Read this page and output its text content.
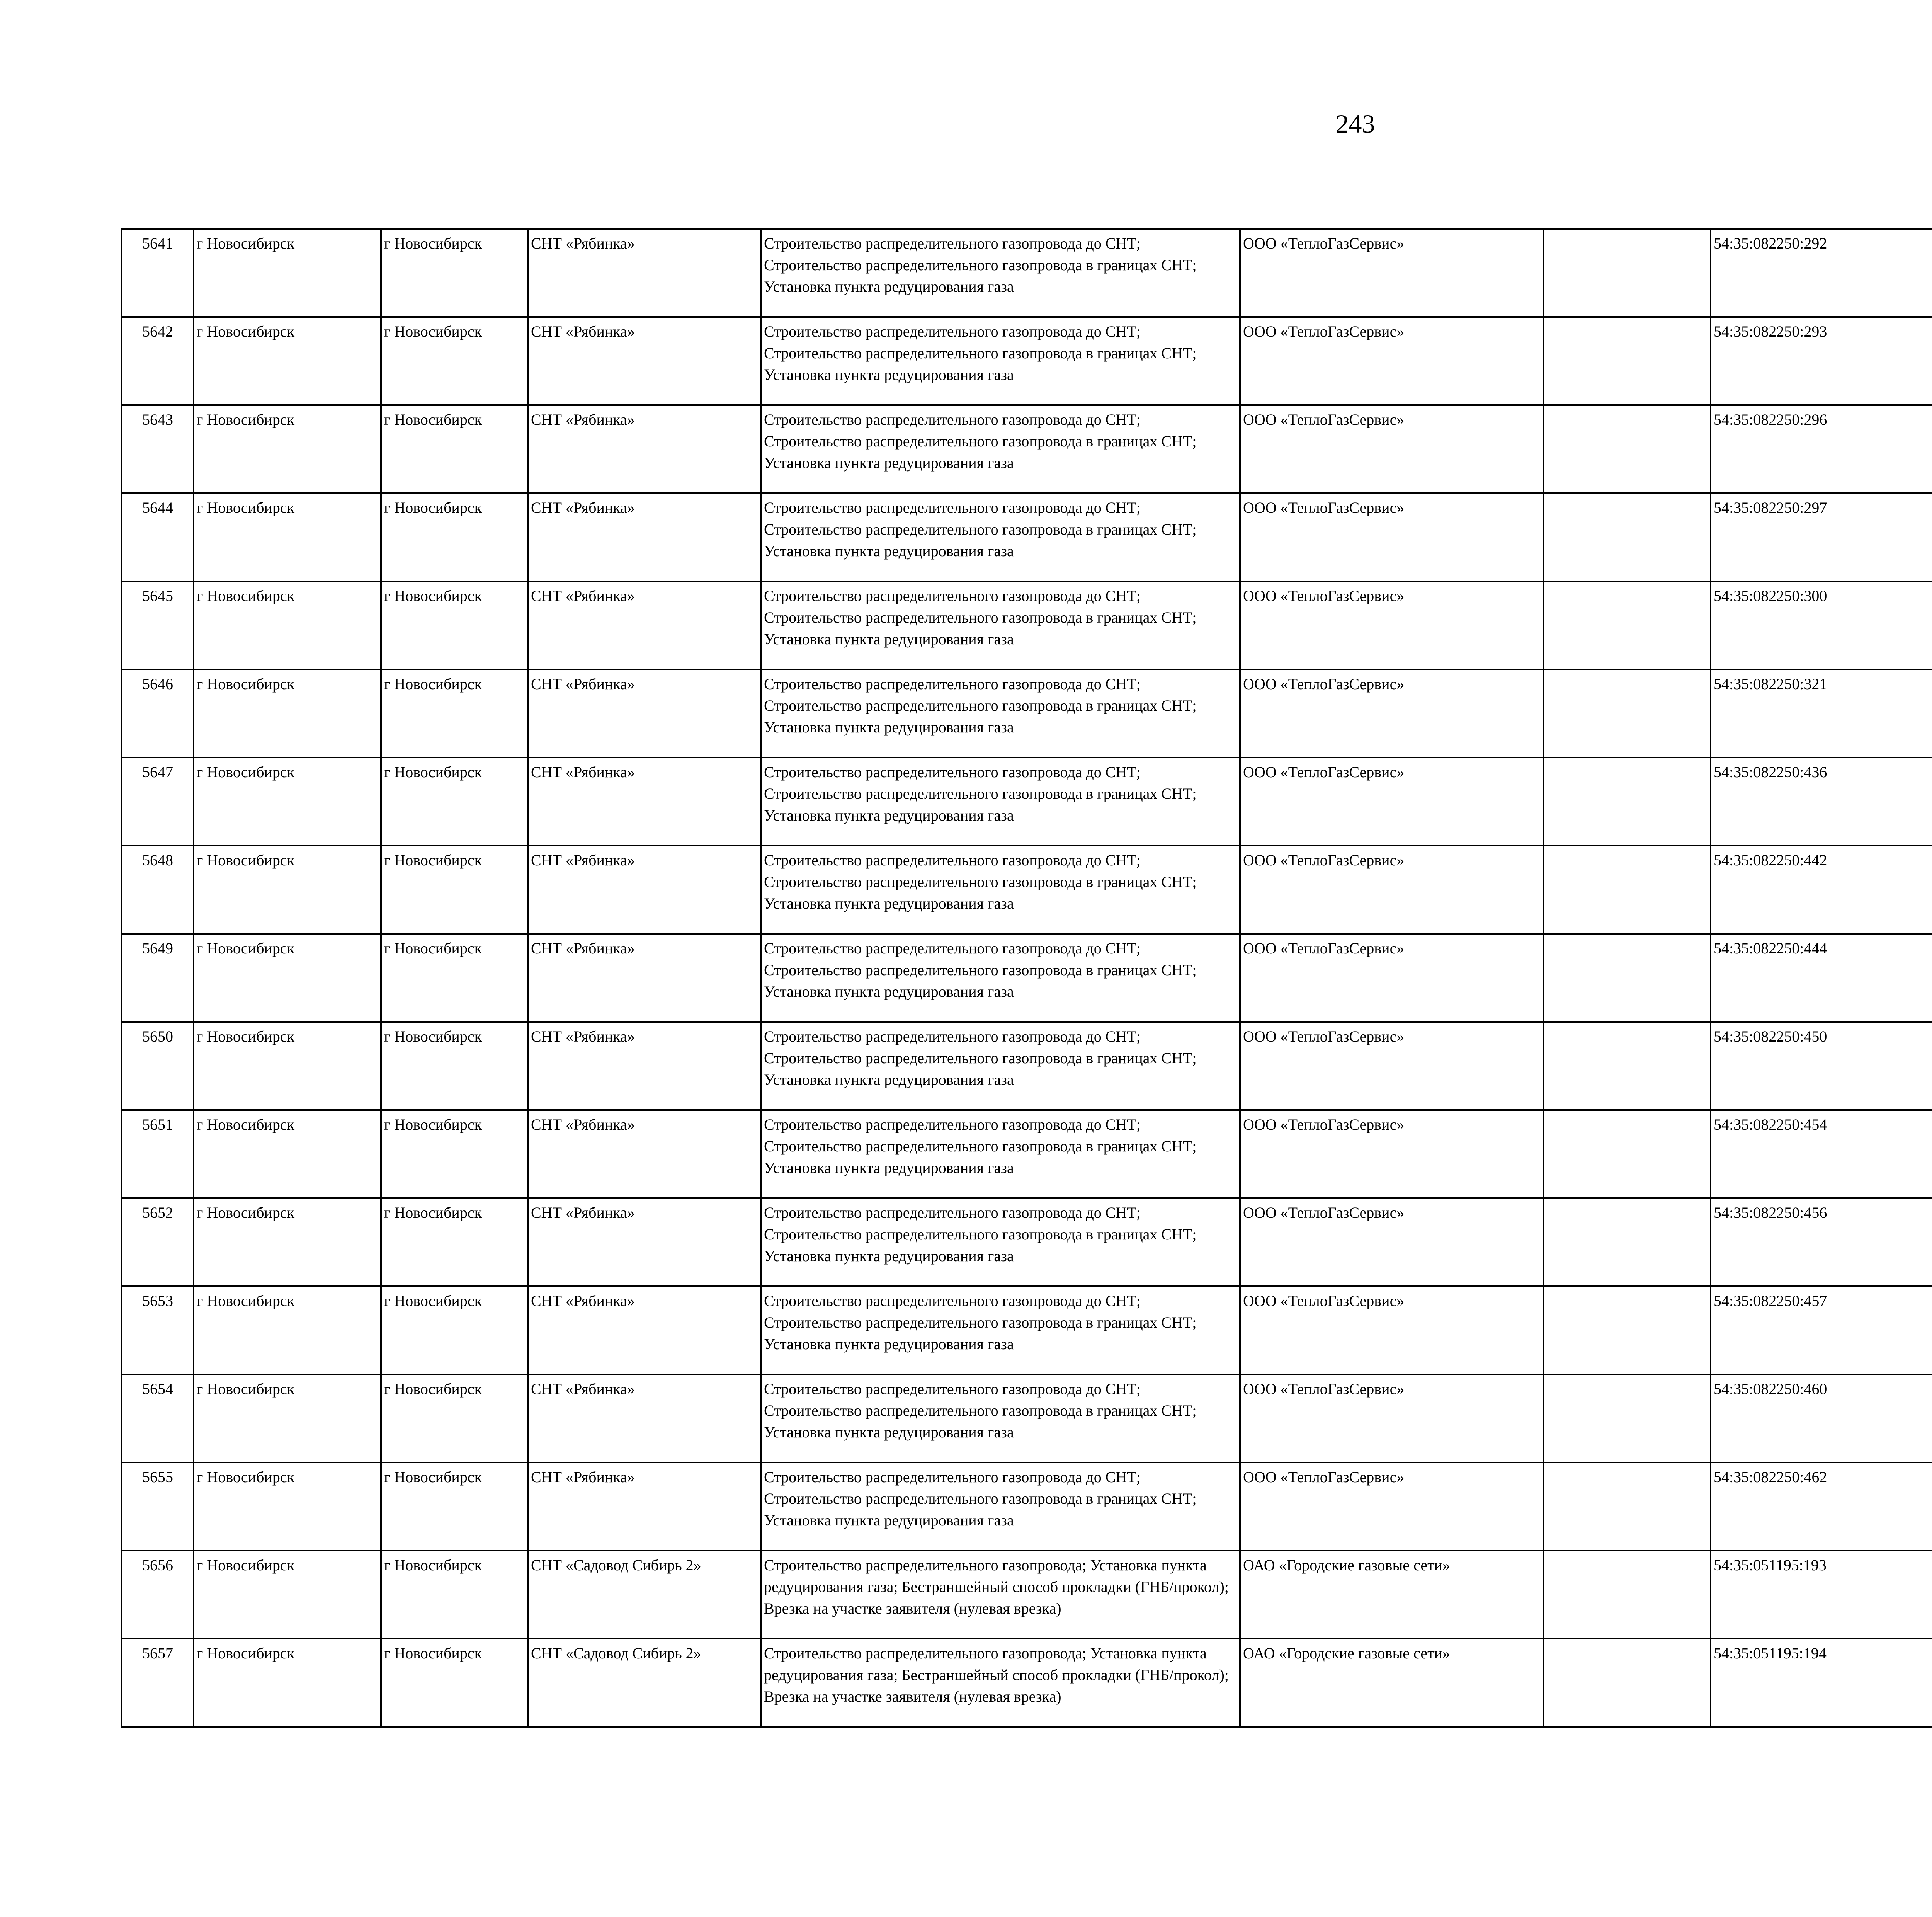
243
5641	г Новосибирск	г Новосибирск	СНТ «Рябинка»	Строительство распределительного газопровода до СНТ; Строительство распределительного газопровода в границах СНТ; Установка пункта редуцирования газа	ООО «ТеплоГазСервис»		54:35:082250:292					
5642	г Новосибирск	г Новосибирск	СНТ «Рябинка»	Строительство распределительного газопровода до СНТ; Строительство распределительного газопровода в границах СНТ; Установка пункта редуцирования газа	ООО «ТеплоГазСервис»		54:35:082250:293					
5643	г Новосибирск	г Новосибирск	СНТ «Рябинка»	Строительство распределительного газопровода до СНТ; Строительство распределительного газопровода в границах СНТ; Установка пункта редуцирования газа	ООО «ТеплоГазСервис»		54:35:082250:296					
5644	г Новосибирск	г Новосибирск	СНТ «Рябинка»	Строительство распределительного газопровода до СНТ; Строительство распределительного газопровода в границах СНТ; Установка пункта редуцирования газа	ООО «ТеплоГазСервис»		54:35:082250:297					
5645	г Новосибирск	г Новосибирск	СНТ «Рябинка»	Строительство распределительного газопровода до СНТ; Строительство распределительного газопровода в границах СНТ; Установка пункта редуцирования газа	ООО «ТеплоГазСервис»		54:35:082250:300					
5646	г Новосибирск	г Новосибирск	СНТ «Рябинка»	Строительство распределительного газопровода до СНТ; Строительство распределительного газопровода в границах СНТ; Установка пункта редуцирования газа	ООО «ТеплоГазСервис»		54:35:082250:321					
5647	г Новосибирск	г Новосибирск	СНТ «Рябинка»	Строительство распределительного газопровода до СНТ; Строительство распределительного газопровода в границах СНТ; Установка пункта редуцирования газа	ООО «ТеплоГазСервис»		54:35:082250:436					
5648	г Новосибирск	г Новосибирск	СНТ «Рябинка»	Строительство распределительного газопровода до СНТ; Строительство распределительного газопровода в границах СНТ; Установка пункта редуцирования газа	ООО «ТеплоГазСервис»		54:35:082250:442					
5649	г Новосибирск	г Новосибирск	СНТ «Рябинка»	Строительство распределительного газопровода до СНТ; Строительство распределительного газопровода в границах СНТ; Установка пункта редуцирования газа	ООО «ТеплоГазСервис»		54:35:082250:444					
5650	г Новосибирск	г Новосибирск	СНТ «Рябинка»	Строительство распределительного газопровода до СНТ; Строительство распределительного газопровода в границах СНТ; Установка пункта редуцирования газа	ООО «ТеплоГазСервис»		54:35:082250:450					
5651	г Новосибирск	г Новосибирск	СНТ «Рябинка»	Строительство распределительного газопровода до СНТ; Строительство распределительного газопровода в границах СНТ; Установка пункта редуцирования газа	ООО «ТеплоГазСервис»		54:35:082250:454					
5652	г Новосибирск	г Новосибирск	СНТ «Рябинка»	Строительство распределительного газопровода до СНТ; Строительство распределительного газопровода в границах СНТ; Установка пункта редуцирования газа	ООО «ТеплоГазСервис»		54:35:082250:456					
5653	г Новосибирск	г Новосибирск	СНТ «Рябинка»	Строительство распределительного газопровода до СНТ; Строительство распределительного газопровода в границах СНТ; Установка пункта редуцирования газа	ООО «ТеплоГазСервис»		54:35:082250:457					
5654	г Новосибирск	г Новосибирск	СНТ «Рябинка»	Строительство распределительного газопровода до СНТ; Строительство распределительного газопровода в границах СНТ; Установка пункта редуцирования газа	ООО «ТеплоГазСервис»		54:35:082250:460					
5655	г Новосибирск	г Новосибирск	СНТ «Рябинка»	Строительство распределительного газопровода до СНТ; Строительство распределительного газопровода в границах СНТ; Установка пункта редуцирования газа	ООО «ТеплоГазСервис»		54:35:082250:462					
5656	г Новосибирск	г Новосибирск	СНТ «Садовод Сибирь 2»	Строительство распределительного газопровода; Установка пункта редуцирования газа; Бестраншейный способ прокладки (ГНБ/прокол); Врезка на участке заявителя (нулевая врезка)	ОАО «Городские газовые сети»		54:35:051195:193					
5657	г Новосибирск	г Новосибирск	СНТ «Садовод Сибирь 2»	Строительство распределительного газопровода; Установка пункта редуцирования газа; Бестраншейный способ прокладки (ГНБ/прокол); Врезка на участке заявителя (нулевая врезка)	ОАО «Городские газовые сети»		54:35:051195:194					
